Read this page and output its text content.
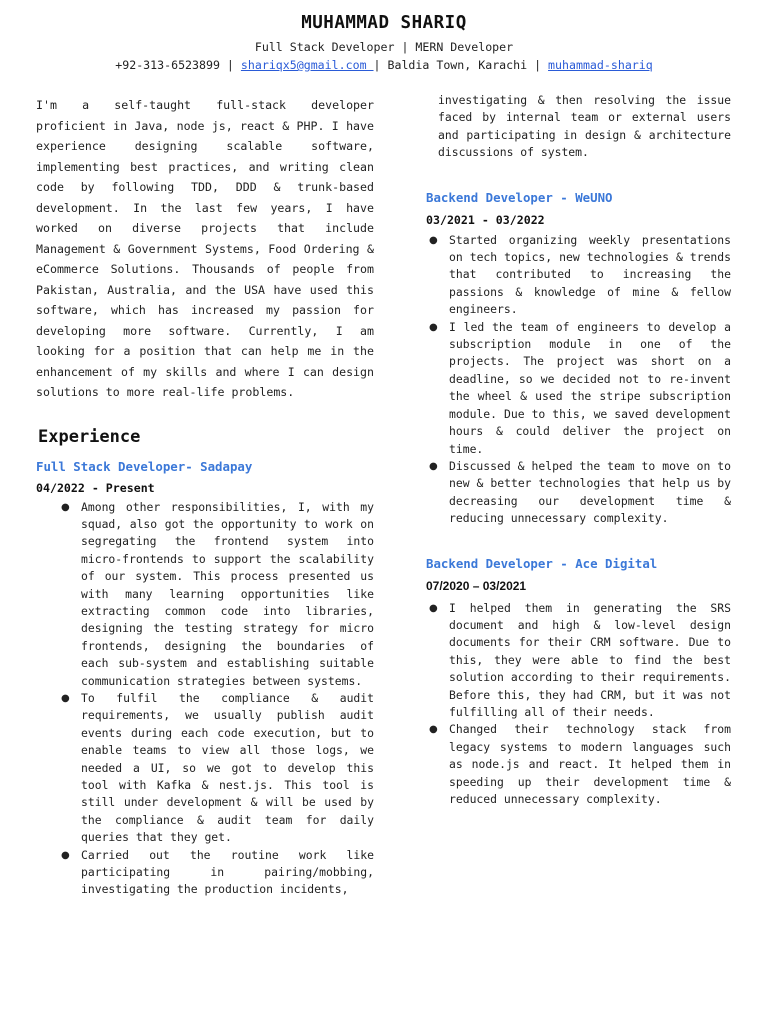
MUHAMMAD SHARIQ
Full Stack Developer | MERN Developer
+92-313-6523899 | shariqx5@gmail.com | Baldia Town, Karachi | muhammad-shariq

I'm a self-taught full-stack developer proficient in Java, node js, react & PHP. I have experience designing scalable software, implementing best practices, and writing clean code by following TDD, DDD & trunk-based development. In the last few years, I have worked on diverse projects that include Management & Government Systems, Food Ordering & eCommerce Solutions. Thousands of people from Pakistan, Australia, and the USA have used this software, which has increased my passion for developing more software. Currently, I am looking for a position that can help me in the enhancement of my skills and where I can design solutions to more real-life problems.

Experience
Full Stack Developer- Sadapay
04/2022 - Present
● Among other responsibilities, I, with my squad, also got the opportunity to work on segregating the frontend system into micro-frontends to support the scalability of our system. This process presented us with many learning opportunities like extracting common code into libraries, designing the testing strategy for micro frontends, designing the boundaries of each sub-system and establishing suitable communication strategies between systems.
● To fulfil the compliance & audit requirements, we usually publish audit events during each code execution, but to enable teams to view all those logs, we needed a UI, so we got to develop this tool with Kafka & nest.js. This tool is still under development & will be used by the compliance & audit team for daily queries that they get.
● Carried out the routine work like participating in pairing/mobbing, investigating the production incidents,

investigating & then resolving the issue faced by internal team or external users and participating in design & architecture discussions of system.

Backend Developer - WeUNO
03/2021 - 03/2022
● Started organizing weekly presentations on tech topics, new technologies & trends that contributed to increasing the passions & knowledge of mine & fellow engineers.
● I led the team of engineers to develop a subscription module in one of the projects. The project was short on a deadline, so we decided not to re-invent the wheel & used the stripe subscription module. Due to this, we saved development hours & could deliver the project on time.
● Discussed & helped the team to move on to new & better technologies that help us by decreasing our development time & reducing unnecessary complexity.
Backend Developer - Ace Digital
07/2020 – 03/2021
● I helped them in generating the SRS document and high & low-level design documents for their CRM software. Due to this, they were able to find the best solution according to their requirements. Before this, they had CRM, but it was not fulfilling all of their needs.
● Changed their technology stack from legacy systems to modern languages such as node.js and react. It helped them in speeding up their development time & reduced unnecessary complexity.
